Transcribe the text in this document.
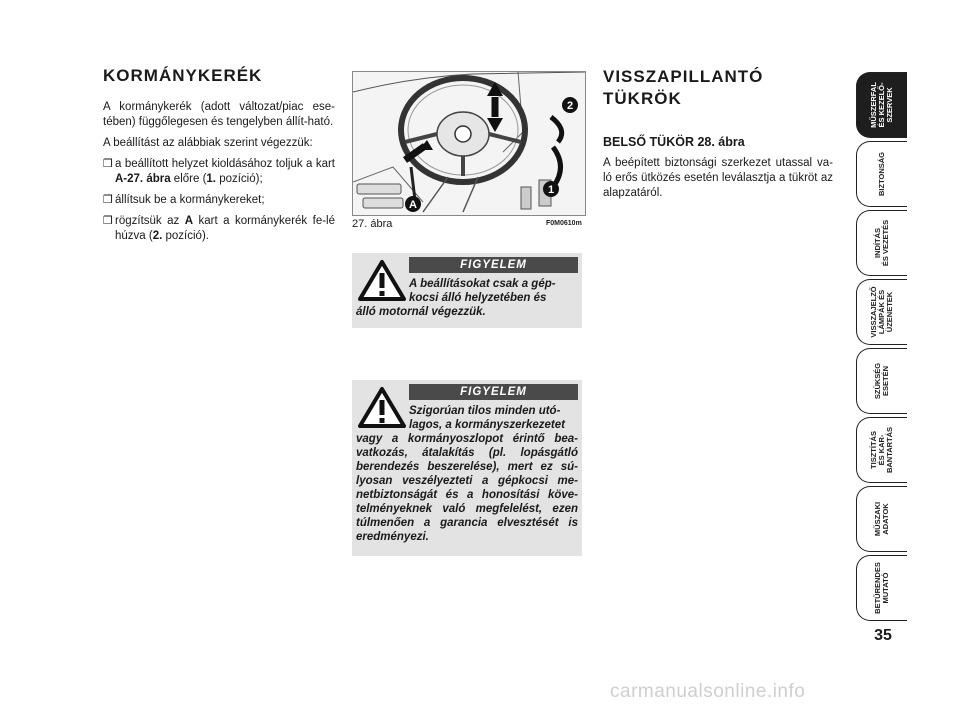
KORMÁNYKERÉK

A kormánykerék (adott változat/piac ese-tében) függőlegesen és tengelyben állít-ható.

A beállítást az alábbiak szerint végezzük:

❒ a beállított helyzet kioldásához toljuk a kart A-27. ábra előre (1. pozíció);
❒ állítsuk be a kormánykereket;
❒ rögzítsük az A kart a kormánykerék fe-lé húzva (2. pozíció).
A
1
2
27. ábra	F0M0610m
FIGYELEM
A beállításokat csak a gép-
kocsi álló helyzetében és
álló motornál végezzük.
FIGYELEM
Szigorúan tilos minden utó-
lagos, a kormányszerkezetet
vagy a kormányoszlopot érintő bea-vatkozás, átalakítás (pl. lopásgátló berendezés beszerelése), mert ez sú-lyosan veszélyezteti a gépkocsi me-netbiztonságát és a honosítási köve-telményeknek való megfelelést, ezen túlmenően a garancia elvesztését is eredményezi.
VISSZAPILLANTÓ TÜKRÖK
BELSŐ TÜKÖR 28. ábra
A beépített biztonsági szerkezet utassal va-ló erős ütközés esetén leválasztja a tükröt az alapzatáról.
MŰSZERFAL
ÉS KEZELŐ-
SZERVEK
BIZTONSÁG
INDÍTÁS
ÉS VEZETÉS
VISSZAJELZŐ
LÁMPÁK ÉS
ÜZENETEK
SZÜKSÉG
ESETÉN
TISZTÍTÁS
ÉS KAR-
BANTARTÁS
MŰSZAKI
ADATOK
BETŰRENDES
MUTATÓ
35
carmanualsonline.info
